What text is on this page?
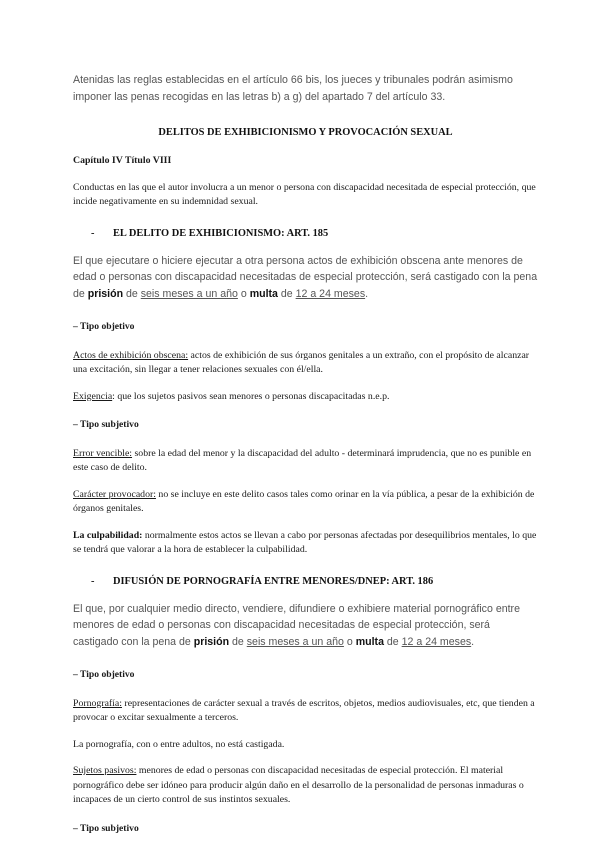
Atenidas las reglas establecidas en el artículo 66 bis, los jueces y tribunales podrán asimismo imponer las penas recogidas en las letras b) a g) del apartado 7 del artículo 33.

DELITOS DE EXHIBICIONISMO Y PROVOCACIÓN SEXUAL

Capítulo IV Título VIII

Conductas en las que el autor involucra a un menor o persona con discapacidad necesitada de especial protección, que incide negativamente en su indemnidad sexual.

- EL DELITO DE EXHIBICIONISMO: ART. 185

El que ejecutare o hiciere ejecutar a otra persona actos de exhibición obscena ante menores de edad o personas con discapacidad necesitadas de especial protección, será castigado con la pena de prisión de seis meses a un año o multa de 12 a 24 meses.

– Tipo objetivo

Actos de exhibición obscena: actos de exhibición de sus órganos genitales a un extraño, con el propósito de alcanzar una excitación, sin llegar a tener relaciones sexuales con él/ella.

Exigencia: que los sujetos pasivos sean menores o personas discapacitadas n.e.p.

– Tipo subjetivo

Error vencible: sobre la edad del menor y la discapacidad del adulto - determinará imprudencia, que no es punible en este caso de delito.

Carácter provocador: no se incluye en este delito casos tales como orinar en la vía pública, a pesar de la exhibición de órganos genitales.

La culpabilidad: normalmente estos actos se llevan a cabo por personas afectadas por desequilibrios mentales, lo que se tendrá que valorar a la hora de establecer la culpabilidad.

- DIFUSIÓN DE PORNOGRAFÍA ENTRE MENORES/DNEP: ART. 186

El que, por cualquier medio directo, vendiere, difundiere o exhibiere material pornográfico entre menores de edad o personas con discapacidad necesitadas de especial protección, será castigado con la pena de prisión de seis meses a un año o multa de 12 a 24 meses.

– Tipo objetivo

Pornografía: representaciones de carácter sexual a través de escritos, objetos, medios audiovisuales, etc, que tienden a provocar o excitar sexualmente a terceros.

La pornografía, con o entre adultos, no está castigada.

Sujetos pasivos: menores de edad o personas con discapacidad necesitadas de especial protección. El material pornográfico debe ser idóneo para producir algún daño en el desarrollo de la personalidad de personas inmaduras o incapaces de un cierto control de sus instintos sexuales.

– Tipo subjetivo
